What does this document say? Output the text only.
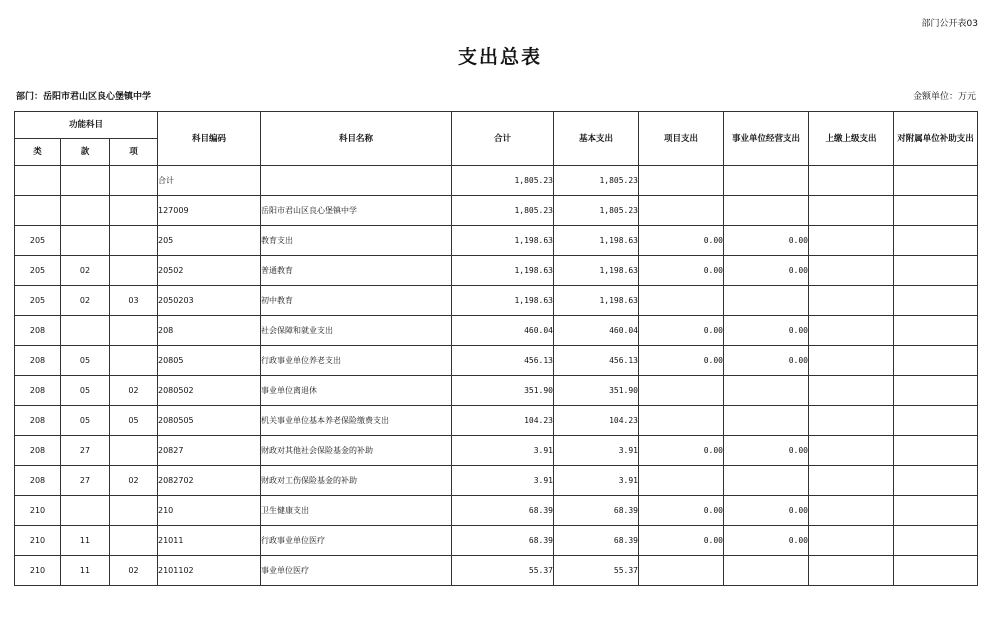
部门公开表03
支出总表
部门：岳阳市君山区良心堡镇中学	金额单位：万元
功能科目			科目编码	科目名称	合计	基本支出	项目支出	事业单位经营支出	上缴上级支出	对附属单位补助支出
类	款	项								
			合计		1,805.23	1,805.23				
			127009	岳阳市君山区良心堡镇中学	1,805.23	1,805.23				
205			205	教育支出	1,198.63	1,198.63	0.00	0.00		
205	02		20502	普通教育	1,198.63	1,198.63	0.00	0.00		
205	02	03	2050203	初中教育	1,198.63	1,198.63				
208			208	社会保障和就业支出	460.04	460.04	0.00	0.00		
208	05		20805	行政事业单位养老支出	456.13	456.13	0.00	0.00		
208	05	02	2080502	事业单位离退休	351.90	351.90				
208	05	05	2080505	机关事业单位基本养老保险缴费支出	104.23	104.23				
208	27		20827	财政对其他社会保险基金的补助	3.91	3.91	0.00	0.00		
208	27	02	2082702	财政对工伤保险基金的补助	3.91	3.91				
210			210	卫生健康支出	68.39	68.39	0.00	0.00		
210	11		21011	行政事业单位医疗	68.39	68.39	0.00	0.00		
210	11	02	2101102	事业单位医疗	55.37	55.37				
